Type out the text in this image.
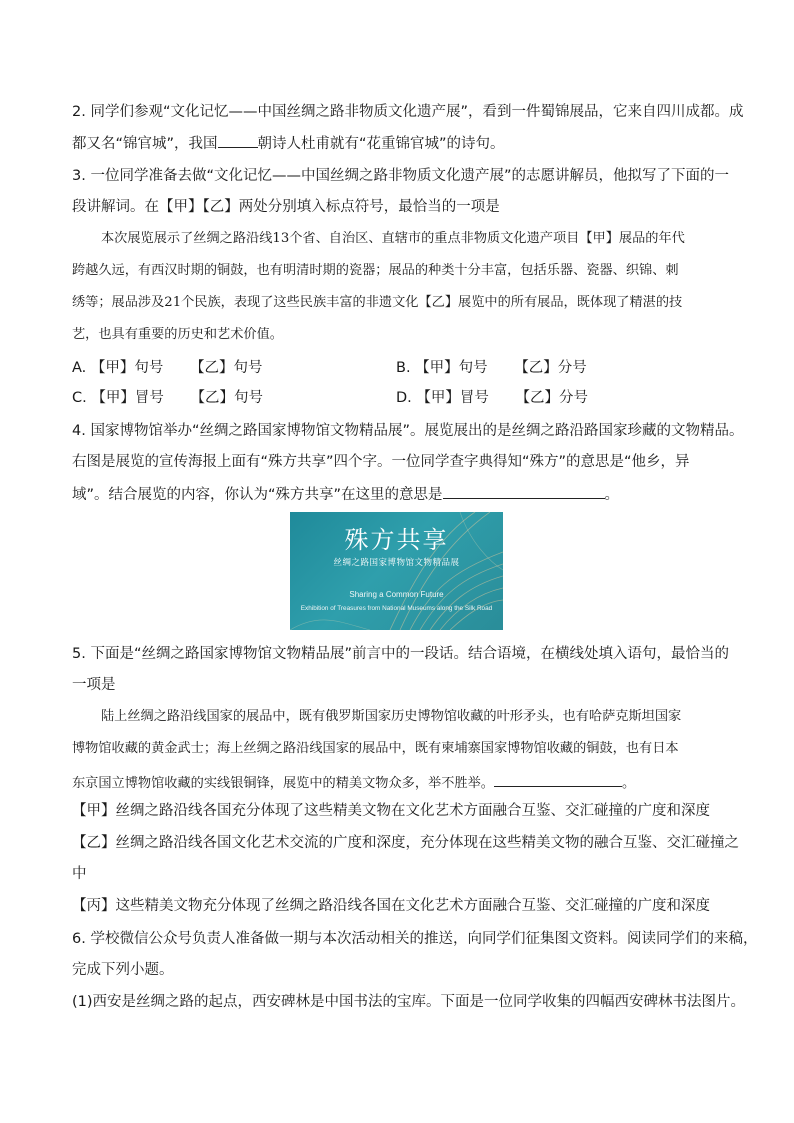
2. 同学们参观“文化记忆——中国丝绸之路非物质文化遗产展”，看到一件蜀锦展品，它来自四川成都。成
都又名“锦官城”，我国	朝诗人杜甫就有“花重锦官城”的诗句。
3. 一位同学准备去做“文化记忆——中国丝绸之路非物质文化遗产展”的志愿讲解员，他拟写了下面的一
段讲解词。在【甲】【乙】两处分别填入标点符号，最恰当的一项是
本次展览展示了丝绸之路沿线13个省、自治区、直辖市的重点非物质文化遗产项目【甲】展品的年代
跨越久远，有西汉时期的铜鼓，也有明清时期的瓷器；展品的种类十分丰富，包括乐器、瓷器、织锦、刺
绣等；展品涉及21个民族，表现了这些民族丰富的非遗文化【乙】展览中的所有展品，既体现了精湛的技
艺，也具有重要的历史和艺术价值。
A. 【甲】句号 【乙】句号	B. 【甲】句号 【乙】分号
C. 【甲】冒号 【乙】句号	D. 【甲】冒号 【乙】分号
4. 国家博物馆举办“丝绸之路国家博物馆文物精品展”。展览展出的是丝绸之路沿路国家珍藏的文物精品。
右图是展览的宣传海报上面有“殊方共享”四个字。一位同学查字典得知“殊方”的意思是“他乡，异
域”。结合展览的内容，你认为“殊方共享”在这里的意思是	。
殊方共享
丝绸之路国家博物馆文物精品展
Sharing a Common Future
Exhibition of Treasures from National Museums along the Silk Road
5. 下面是“丝绸之路国家博物馆文物精品展”前言中的一段话。结合语境，在横线处填入语句，最恰当的
一项是
陆上丝绸之路沿线国家的展品中，既有俄罗斯国家历史博物馆收藏的叶形矛头，也有哈萨克斯坦国家
博物馆收藏的黄金武士；海上丝绸之路沿线国家的展品中，既有柬埔寨国家博物馆收藏的铜鼓，也有日本
东京国立博物馆收藏的实线银铜锋，展览中的精美文物众多，举不胜举。	。
【甲】丝绸之路沿线各国充分体现了这些精美文物在文化艺术方面融合互鉴、交汇碰撞的广度和深度
【乙】丝绸之路沿线各国文化艺术交流的广度和深度，充分体现在这些精美文物的融合互鉴、交汇碰撞之
中
【丙】这些精美文物充分体现了丝绸之路沿线各国在文化艺术方面融合互鉴、交汇碰撞的广度和深度
6. 学校微信公众号负责人准备做一期与本次活动相关的推送，向同学们征集图文资料。阅读同学们的来稿，
完成下列小题。
(1)西安是丝绸之路的起点，西安碑林是中国书法的宝库。下面是一位同学收集的四幅西安碑林书法图片。
